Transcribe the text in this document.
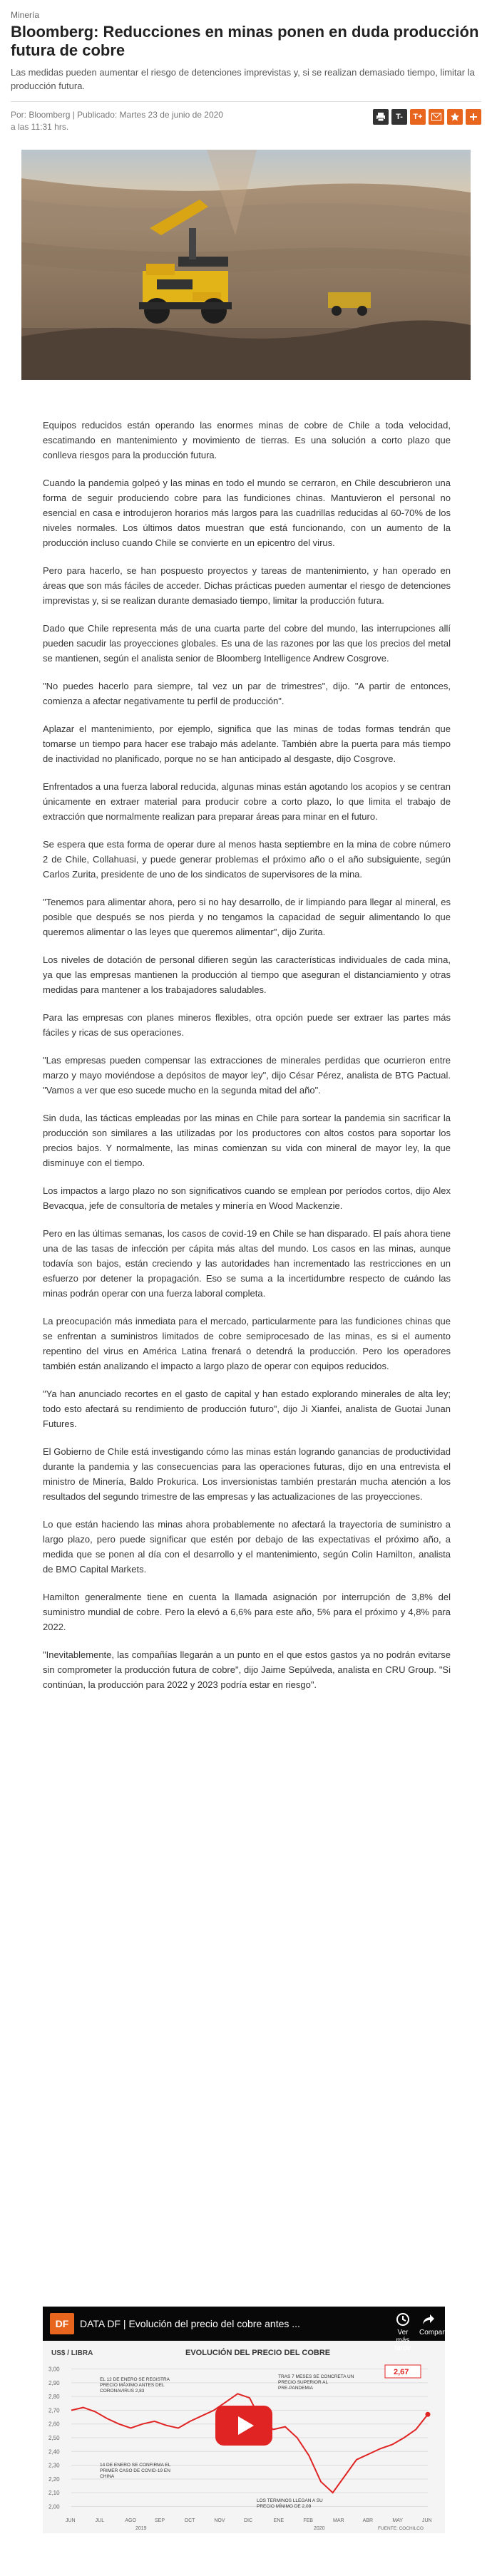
Minería
Bloomberg: Reducciones en minas ponen en duda producción futura de cobre

Las medidas pueden aumentar el riesgo de detenciones imprevistas y, si se realizan demasiado tiempo, limitar la producción futura.

Por: Bloomberg | Publicado: Martes 23 de junio de 2020 a las 11:31 hrs.
T-	T+

Equipos reducidos están operando las enormes minas de cobre de Chile a toda velocidad, escatimando en mantenimiento y movimiento de tierras. Es una solución a corto plazo que conlleva riesgos para la producción futura.

Cuando la pandemia golpeó y las minas en todo el mundo se cerraron, en Chile descubrieron una forma de seguir produciendo cobre para las fundiciones chinas. Mantuvieron el personal no esencial en casa e introdujeron horarios más largos para las cuadrillas reducidas al 60-70% de los niveles normales. Los últimos datos muestran que está funcionando, con un aumento de la producción incluso cuando Chile se convierte en un epicentro del virus.

Pero para hacerlo, se han pospuesto proyectos y tareas de mantenimiento, y han operado en áreas que son más fáciles de acceder. Dichas prácticas pueden aumentar el riesgo de detenciones imprevistas y, si se realizan durante demasiado tiempo, limitar la producción futura.

Dado que Chile representa más de una cuarta parte del cobre del mundo, las interrupciones allí pueden sacudir las proyecciones globales. Es una de las razones por las que los precios del metal se mantienen, según el analista senior de Bloomberg Intelligence Andrew Cosgrove.

"No puedes hacerlo para siempre, tal vez un par de trimestres", dijo. "A partir de entonces, comienza a afectar negativamente tu perfil de producción".

Aplazar el mantenimiento, por ejemplo, significa que las minas de todas formas tendrán que tomarse un tiempo para hacer ese trabajo más adelante. También abre la puerta para más tiempo de inactividad no planificado, porque no se han anticipado al desgaste, dijo Cosgrove.

Enfrentados a una fuerza laboral reducida, algunas minas están agotando los acopios y se centran únicamente en extraer material para producir cobre a corto plazo, lo que limita el trabajo de extracción que normalmente realizan para preparar áreas para minar en el futuro.

Se espera que esta forma de operar dure al menos hasta septiembre en la mina de cobre número 2 de Chile, Collahuasi, y puede generar problemas el próximo año o el año subsiguiente, según Carlos Zurita, presidente de uno de los sindicatos de supervisores de la mina.

"Tenemos para alimentar ahora, pero si no hay desarrollo, de ir limpiando para llegar al mineral, es posible que después se nos pierda y no tengamos la capacidad de seguir alimentando lo que queremos alimentar o las leyes que queremos alimentar", dijo Zurita.

Los niveles de dotación de personal difieren según las características individuales de cada mina, ya que las empresas mantienen la producción al tiempo que aseguran el distanciamiento y otras medidas para mantener a los trabajadores saludables.

Para las empresas con planes mineros flexibles, otra opción puede ser extraer las partes más fáciles y ricas de sus operaciones.

"Las empresas pueden compensar las extracciones de minerales perdidas que ocurrieron entre marzo y mayo moviéndose a depósitos de mayor ley", dijo César Pérez, analista de BTG Pactual. "Vamos a ver que eso sucede mucho en la segunda mitad del año".

Sin duda, las tácticas empleadas por las minas en Chile para sortear la pandemia sin sacrificar la producción son similares a las utilizadas por los productores con altos costos para soportar los precios bajos. Y normalmente, las minas comienzan su vida con mineral de mayor ley, la que disminuye con el tiempo.

Los impactos a largo plazo no son significativos cuando se emplean por períodos cortos, dijo Alex Bevacqua, jefe de consultoría de metales y minería en Wood Mackenzie.

Pero en las últimas semanas, los casos de covid-19 en Chile se han disparado. El país ahora tiene una de las tasas de infección per cápita más altas del mundo. Los casos en las minas, aunque todavía son bajos, están creciendo y las autoridades han incrementado las restricciones en un esfuerzo por detener la propagación. Eso se suma a la incertidumbre respecto de cuándo las minas podrán operar con una fuerza laboral completa.

La preocupación más inmediata para el mercado, particularmente para las fundiciones chinas que se enfrentan a suministros limitados de cobre semiprocesado de las minas, es si el aumento repentino del virus en América Latina frenará o detendrá la producción. Pero los operadores también están analizando el impacto a largo plazo de operar con equipos reducidos.

"Ya han anunciado recortes en el gasto de capital y han estado explorando minerales de alta ley; todo esto afectará su rendimiento de producción futuro", dijo Ji Xianfei, analista de Guotai Junan Futures.

El Gobierno de Chile está investigando cómo las minas están logrando ganancias de productividad durante la pandemia y las consecuencias para las operaciones futuras, dijo en una entrevista el ministro de Minería, Baldo Prokurica. Los inversionistas también prestarán mucha atención a los resultados del segundo trimestre de las empresas y las actualizaciones de las proyecciones.

Lo que están haciendo las minas ahora probablemente no afectará la trayectoria de suministro a largo plazo, pero puede significar que estén por debajo de las expectativas el próximo año, a medida que se ponen al día con el desarrollo y el mantenimiento, según Colin Hamilton, analista de BMO Capital Markets.

Hamilton generalmente tiene en cuenta la llamada asignación por interrupción de 3,8% del suministro mundial de cobre. Pero la elevó a 6,6% para este año, 5% para el próximo y 4,8% para 2022.

"Inevitablemente, las compañías llegarán a un punto en el que estos gastos ya no podrán evitarse sin comprometer la producción futura de cobre", dijo Jaime Sepúlveda, analista en CRU Group. "Si continúan, la producción para 2022 y 2023 podría estar en riesgo".

US$ / LIBRA	EVOLUCIÓN DEL PRECIO DEL COBRE
3,00
2,90
2,80
2,70
2,60
2,50
2,40
2,30
2,20
2,10
2,00
JUN	JUL	AGO	SEP	OCT	NOV	DIC	ENE	FEB	MAR	ABR	MAY	JUN
2019	2020
2,67
EL 12 DE ENERO SE REGISTRA
PRECIO MÁXIMO ANTES DEL
CORONAVIRUS 2,83
14 DE ENERO SE CONFIRMA EL
PRIMER CASO DE COVID-19 EN
CHINA
TRAS 7 MESES SE CONCRETA UN
PRECIO SUPERIOR AL
PRE-PANDEMIA
LOS TERMINOS LLEGAN A SU
PRECIO MÍNIMO DE 2,09
FUENTE: COCHILCO
DF	DATA DF | Evolución del precio del cobre antes ...
Ver más tarde
Compartir
